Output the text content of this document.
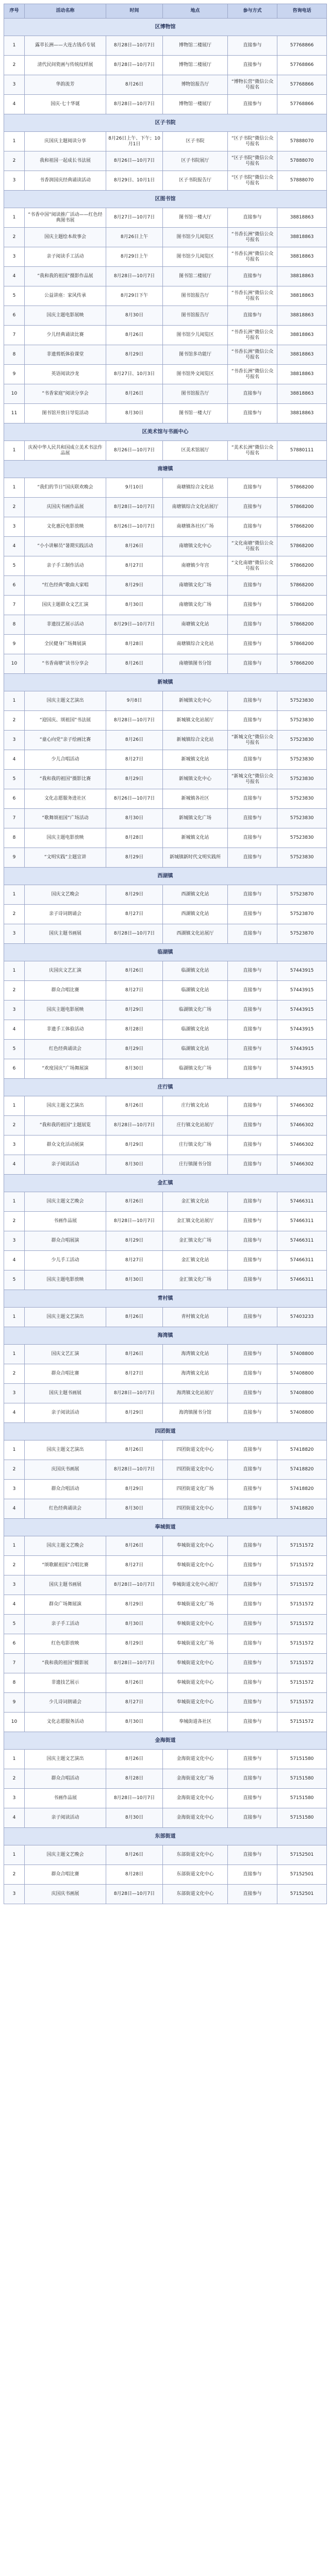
序号	活动名称	时间	地点	参与方式	咨询电话
区博物馆					
1	露萃长洲——大连古钱币专展	8月28日—10月7日	博物馆二楼展厅	直接参与	57768866
2	清代民间瓷画与传统纹样展	8月28日—10月7日	博物馆二楼展厅	直接参与	57768866
3	华韵流芳	8月26日	博物馆报告厅	“博物长营”微信公众号报名	57768866
4	国庆·七十华诞	8月28日—10月7日	博物馆一楼展厅	直接参与	57768866
区子书院					
1	庆国庆主题阅读分享	8月26日上午、下午；10月1日	区子书院	“区子书院”微信公众号报名	57888070
2	我和祖国一起成长书法展	8月26日—10月7日	区子书院展厅	“区子书院”微信公众号报名	57888070
3	书香润国庆经典诵读活动	8月29日、10月1日	区子书院报告厅	“区子书院”微信公众号报名	57888070
区图书馆					
1	“书香中国”阅读推广活动——红色经典图书展	8月27日—10月7日	图书馆一楼大厅	直接参与	38818863
2	国庆主题绘本故事会	8月26日上午	图书馆少儿阅览区	“书香长洲”微信公众号报名	38818863
3	亲子阅读手工活动	8月29日上午	图书馆少儿阅览区	“书香长洲”微信公众号报名	38818863
4	“我和我的祖国”摄影作品展	8月28日—10月7日	图书馆二楼展厅	直接参与	38818863
5	公益讲座：家风传承	8月29日下午	图书馆报告厅	“书香长洲”微信公众号报名	38818863
6	国庆主题电影展映	8月30日	图书馆报告厅	直接参与	38818863
7	少儿经典诵读比赛	8月26日	图书馆少儿阅览区	“书香长洲”微信公众号报名	38818863
8	非遗剪纸体验课堂	8月29日	图书馆多功能厅	“书香长洲”微信公众号报名	38818863
9	英语阅读沙龙	8月27日、10月3日	图书馆外文阅览区	“书香长洲”微信公众号报名	38818863
10	“书香家庭”阅读分享会	8月26日	图书馆报告厅	直接参与	38818863
11	图书馆开放日导览活动	8月30日	图书馆一楼大厅	直接参与	38818863
区美术馆与书画中心					
1	庆祝中华人民共和国成立美术书法作品展	8月26日—10月7日	区美术馆展厅	“美术长洲”微信公众号报名	57880111
南塘镇					
1	“我们的节日”国庆联欢晚会	9月10日	南塘镇综合文化站	直接参与	57868200
2	庆国庆书画作品展	8月28日—10月7日	南塘镇综合文化站展厅	直接参与	57868200
3	文化惠民电影放映	8月26日—10月7日	南塘镇各社区广场	直接参与	57868200
4	“小小讲解员”暑期实践活动	8月26日	南塘镇文化中心	“文化南塘”微信公众号报名	57868200
5	亲子手工制作活动	8月27日	南塘镇少年宫	“文化南塘”微信公众号报名	57868200
6	“红色经典”歌曲大家唱	8月29日	南塘镇文化广场	直接参与	57868200
7	国庆主题群众文艺汇演	8月30日	南塘镇文化广场	直接参与	57868200
8	非遗技艺展示活动	8月29日—10月7日	南塘镇文化站	直接参与	57868200
9	全民健身广场舞展演	8月28日	南塘镇综合文化站	直接参与	57868200
10	“书香南塘”读书分享会	8月26日	南塘镇图书分馆	直接参与	57868200
新城镇					
1	国庆主题文艺演出	9月8日	新城镇文化中心	直接参与	57523830
2	“迎国庆、颂祖国”书法展	8月28日—10月7日	新城镇文化站展厅	直接参与	57523830
3	“童心向党”亲子绘画比赛	8月26日	新城镇综合文化站	“新城文化”微信公众号报名	57523830
4	少儿合唱活动	8月27日	新城镇文化站	直接参与	57523830
5	“我和我的祖国”摄影比赛	8月29日	新城镇文化中心	“新城文化”微信公众号报名	57523830
6	文化志愿服务进社区	8月26日—10月7日	新城镇各社区	直接参与	57523830
7	“歌舞颂祖国”广场活动	8月30日	新城镇文化广场	直接参与	57523830
8	国庆主题电影放映	8月28日	新城镇文化站	直接参与	57523830
9	“文明实践”主题宣讲	8月29日	新城镇新时代文明实践所	直接参与	57523830
西湖镇					
1	国庆文艺晚会	8月29日	西湖镇文化站	直接参与	57523870
2	亲子诗词朗诵会	8月27日	西湖镇文化站	直接参与	57523870
3	国庆主题书画展	8月28日—10月7日	西湖镇文化站展厅	直接参与	57523870
临湖镇					
1	庆国庆文艺汇演	8月26日	临湖镇文化站	直接参与	57443915
2	群众合唱比赛	8月27日	临湖镇文化站	直接参与	57443915
3	国庆主题电影展映	8月29日	临湖镇文化广场	直接参与	57443915
4	非遗手工体验活动	8月28日	临湖镇文化站	直接参与	57443915
5	红色经典诵读会	8月29日	临湖镇文化站	直接参与	57443915
6	“欢度国庆”广场舞展演	8月30日	临湖镇文化广场	直接参与	57443915
庄行镇					
1	国庆主题文艺演出	8月26日	庄行镇文化站	直接参与	57466302
2	“我和我的祖国”主题展览	8月28日—10月7日	庄行镇文化站展厅	直接参与	57466302
3	群众文化活动展演	8月29日	庄行镇文化广场	直接参与	57466302
4	亲子阅读活动	8月30日	庄行镇图书分馆	直接参与	57466302
金汇镇					
1	国庆主题文艺晚会	8月26日	金汇镇文化站	直接参与	57466311
2	书画作品展	8月28日—10月7日	金汇镇文化站展厅	直接参与	57466311
3	群众合唱展演	8月29日	金汇镇文化广场	直接参与	57466311
4	少儿手工活动	8月27日	金汇镇文化站	直接参与	57466311
5	国庆主题电影放映	8月30日	金汇镇文化广场	直接参与	57466311
青村镇					
1	国庆主题文艺演出	8月26日	青村镇文化站	直接参与	57403233
海湾镇					
1	国庆文艺汇演	8月26日	海湾镇文化站	直接参与	57408800
2	群众合唱比赛	8月27日	海湾镇文化站	直接参与	57408800
3	国庆主题书画展	8月28日—10月7日	海湾镇文化站展厅	直接参与	57408800
4	亲子阅读活动	8月29日	海湾镇图书分馆	直接参与	57408800
四团街道					
1	国庆主题文艺演出	8月26日	四团街道文化中心	直接参与	57418820
2	庆国庆书画展	8月28日—10月7日	四团街道文化中心	直接参与	57418820
3	群众合唱活动	8月29日	四团街道文化广场	直接参与	57418820
4	红色经典诵读会	8月30日	四团街道文化中心	直接参与	57418820
奉城街道					
1	国庆主题文艺晚会	8月26日	奉城街道文化中心	直接参与	57151572
2	“颂歌献祖国”合唱比赛	8月27日	奉城街道文化中心	直接参与	57151572
3	国庆主题书画展	8月28日—10月7日	奉城街道文化中心展厅	直接参与	57151572
4	群众广场舞展演	8月29日	奉城街道文化广场	直接参与	57151572
5	亲子手工活动	8月30日	奉城街道文化中心	直接参与	57151572
6	红色电影放映	8月29日	奉城街道文化广场	直接参与	57151572
7	“我和我的祖国”摄影展	8月28日—10月7日	奉城街道文化中心	直接参与	57151572
8	非遗技艺展示	8月26日	奉城街道文化中心	直接参与	57151572
9	少儿诗词朗诵会	8月27日	奉城街道文化中心	直接参与	57151572
10	文化志愿服务活动	8月30日	奉城街道各社区	直接参与	57151572
金海街道					
1	国庆主题文艺演出	8月26日	金海街道文化中心	直接参与	57151580
2	群众合唱活动	8月28日	金海街道文化广场	直接参与	57151580
3	书画作品展	8月28日—10月7日	金海街道文化中心	直接参与	57151580
4	亲子阅读活动	8月30日	金海街道文化中心	直接参与	57151580
东部街道					
1	国庆主题文艺晚会	8月26日	东部街道文化中心	直接参与	57152501
2	群众合唱比赛	8月28日	东部街道文化中心	直接参与	57152501
3	庆国庆书画展	8月28日—10月7日	东部街道文化中心	直接参与	57152501
